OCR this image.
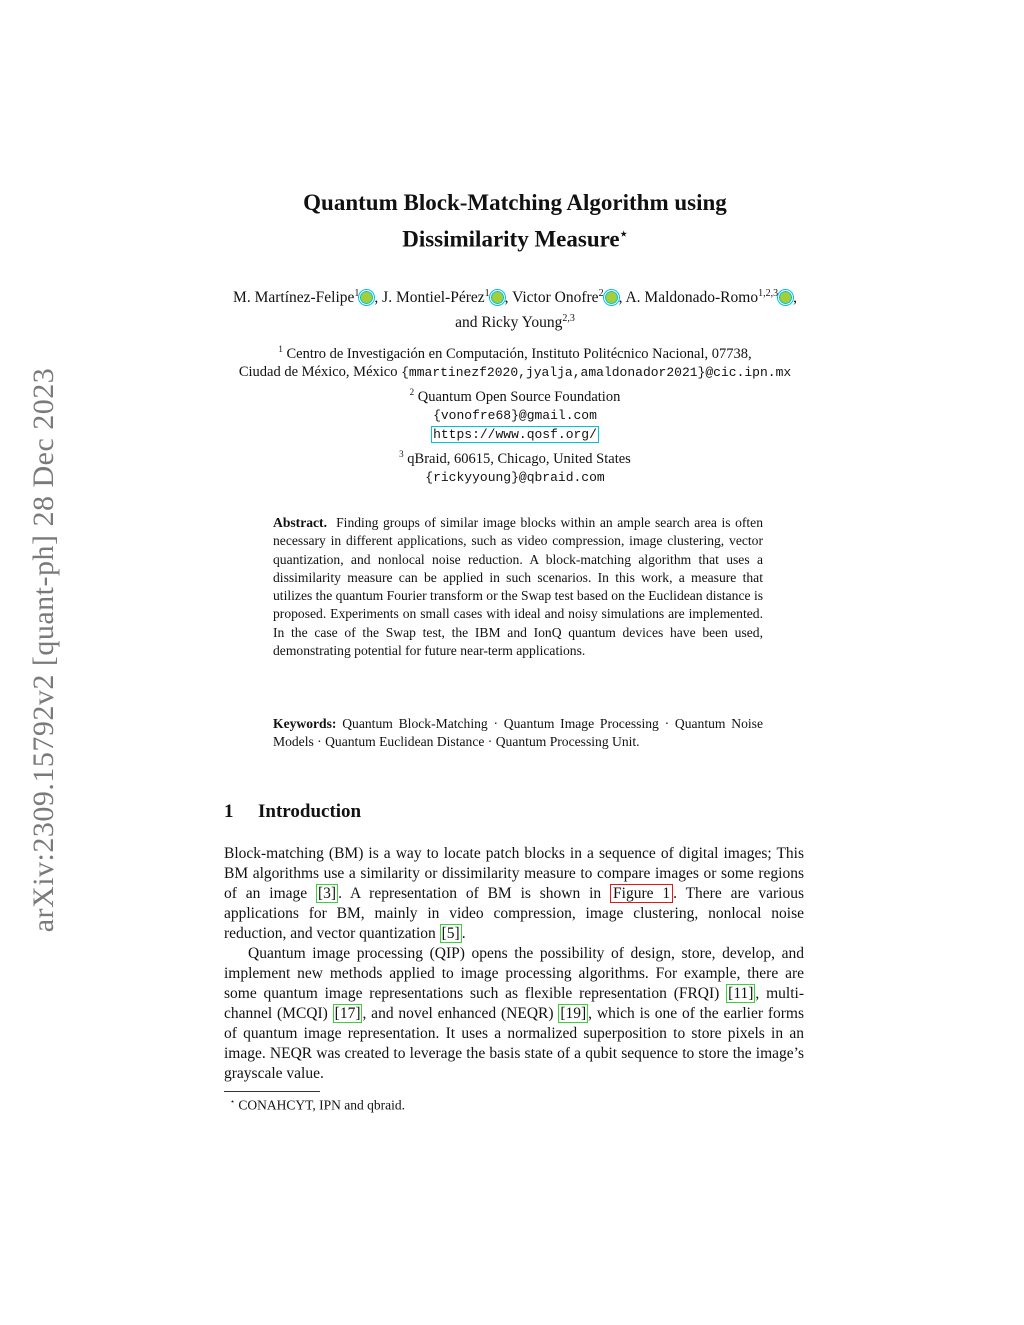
arXiv:2309.15792v2 [quant-ph] 28 Dec 2023
Quantum Block-Matching Algorithm using
Dissimilarity Measure⋆
M. Martínez-Felipe$^1$ , J. Montiel-Pérez$^1$ , Victor Onofre$^2$ , A. Maldonado-Romo$^{1,2,3}$ , and Ricky Young$^{2,3}$
$^1$ Centro de Investigación en Computación, Instituto Politécnico Nacional, 07738,
Ciudad de México, México {mmartinezf2020,jyalja,amaldonador2021}@cic.ipn.mx
$^2$ Quantum Open Source Foundation
{vonofre68}@gmail.com
https://www.qosf.org/
$^3$ qBraid, 60615, Chicago, United States
{rickyyoung}@qbraid.com
Abstract. Finding groups of similar image blocks within an ample search area is often necessary in different applications, such as video compression, image clustering, vector quantization, and nonlocal noise reduction. A block-matching algorithm that uses a dissimilarity measure can be applied in such scenarios. In this work, a measure that utilizes the quantum Fourier transform or the Swap test based on the Euclidean distance is proposed. Experiments on small cases with ideal and noisy simulations are implemented. In the case of the Swap test, the IBM and IonQ quantum devices have been used, demonstrating potential for future near-term applications.
Keywords: Quantum Block-Matching · Quantum Image Processing · Quantum Noise Models · Quantum Euclidean Distance · Quantum Processing Unit.
1 Introduction
Block-matching (BM) is a way to locate patch blocks in a sequence of digital images; This BM algorithms use a similarity or dissimilarity measure to compare images or some regions of an image [3] . A representation of BM is shown in Figure 1 . There are various applications for BM, mainly in video compression, image clustering, nonlocal noise reduction, and vector quantization [5] .
Quantum image processing (QIP) opens the possibility of design, store, develop, and implement new methods applied to image processing algorithms. For example, there are some quantum image representations such as flexible representation (FRQI) [11] , multi-channel (MCQI) [17] , and novel enhanced (NEQR) [19] , which is one of the earlier forms of quantum image representation. It uses a normalized superposition to store pixels in an image. NEQR was created to leverage the basis state of a qubit sequence to store the image’s grayscale value.
⋆ CONAHCYT, IPN and qbraid.
